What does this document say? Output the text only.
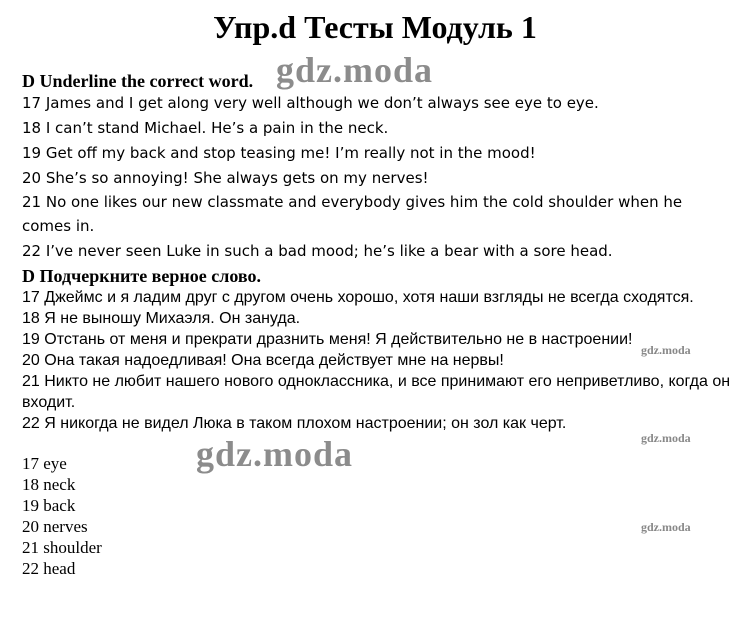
Упр.d Тесты Модуль 1
D Underline the correct word.
17 James and I get along very well although we don’t always see eye to eye.
18 I can’t stand Michael. He’s a pain in the neck.
19 Get off my back and stop teasing me! I’m really not in the mood!
20 She’s so annoying! She always gets on my nerves!
21 No one likes our new classmate and everybody gives him the cold shoulder when he comes in.
22 I’ve never seen Luke in such a bad mood; he’s like a bear with a sore head.
D Подчеркните верное слово.
17 Джеймс и я ладим друг с другом очень хорошо, хотя наши взгляды не всегда сходятся.
18 Я не выношу Михаэля. Он зануда.
19 Отстань от меня и прекрати дразнить меня! Я действительно не в настроении!
20 Она такая надоедливая! Она всегда действует мне на нервы!
21 Никто не любит нашего нового одноклассника, и все принимают его неприветливо, когда он входит.
22 Я никогда не видел Люка в таком плохом настроении; он зол как черт.
17 eye
18 neck
19 back
20 nerves
21 shoulder
22 head
gdz.moda
gdz.moda
gdz.moda
gdz.moda
gdz.moda
